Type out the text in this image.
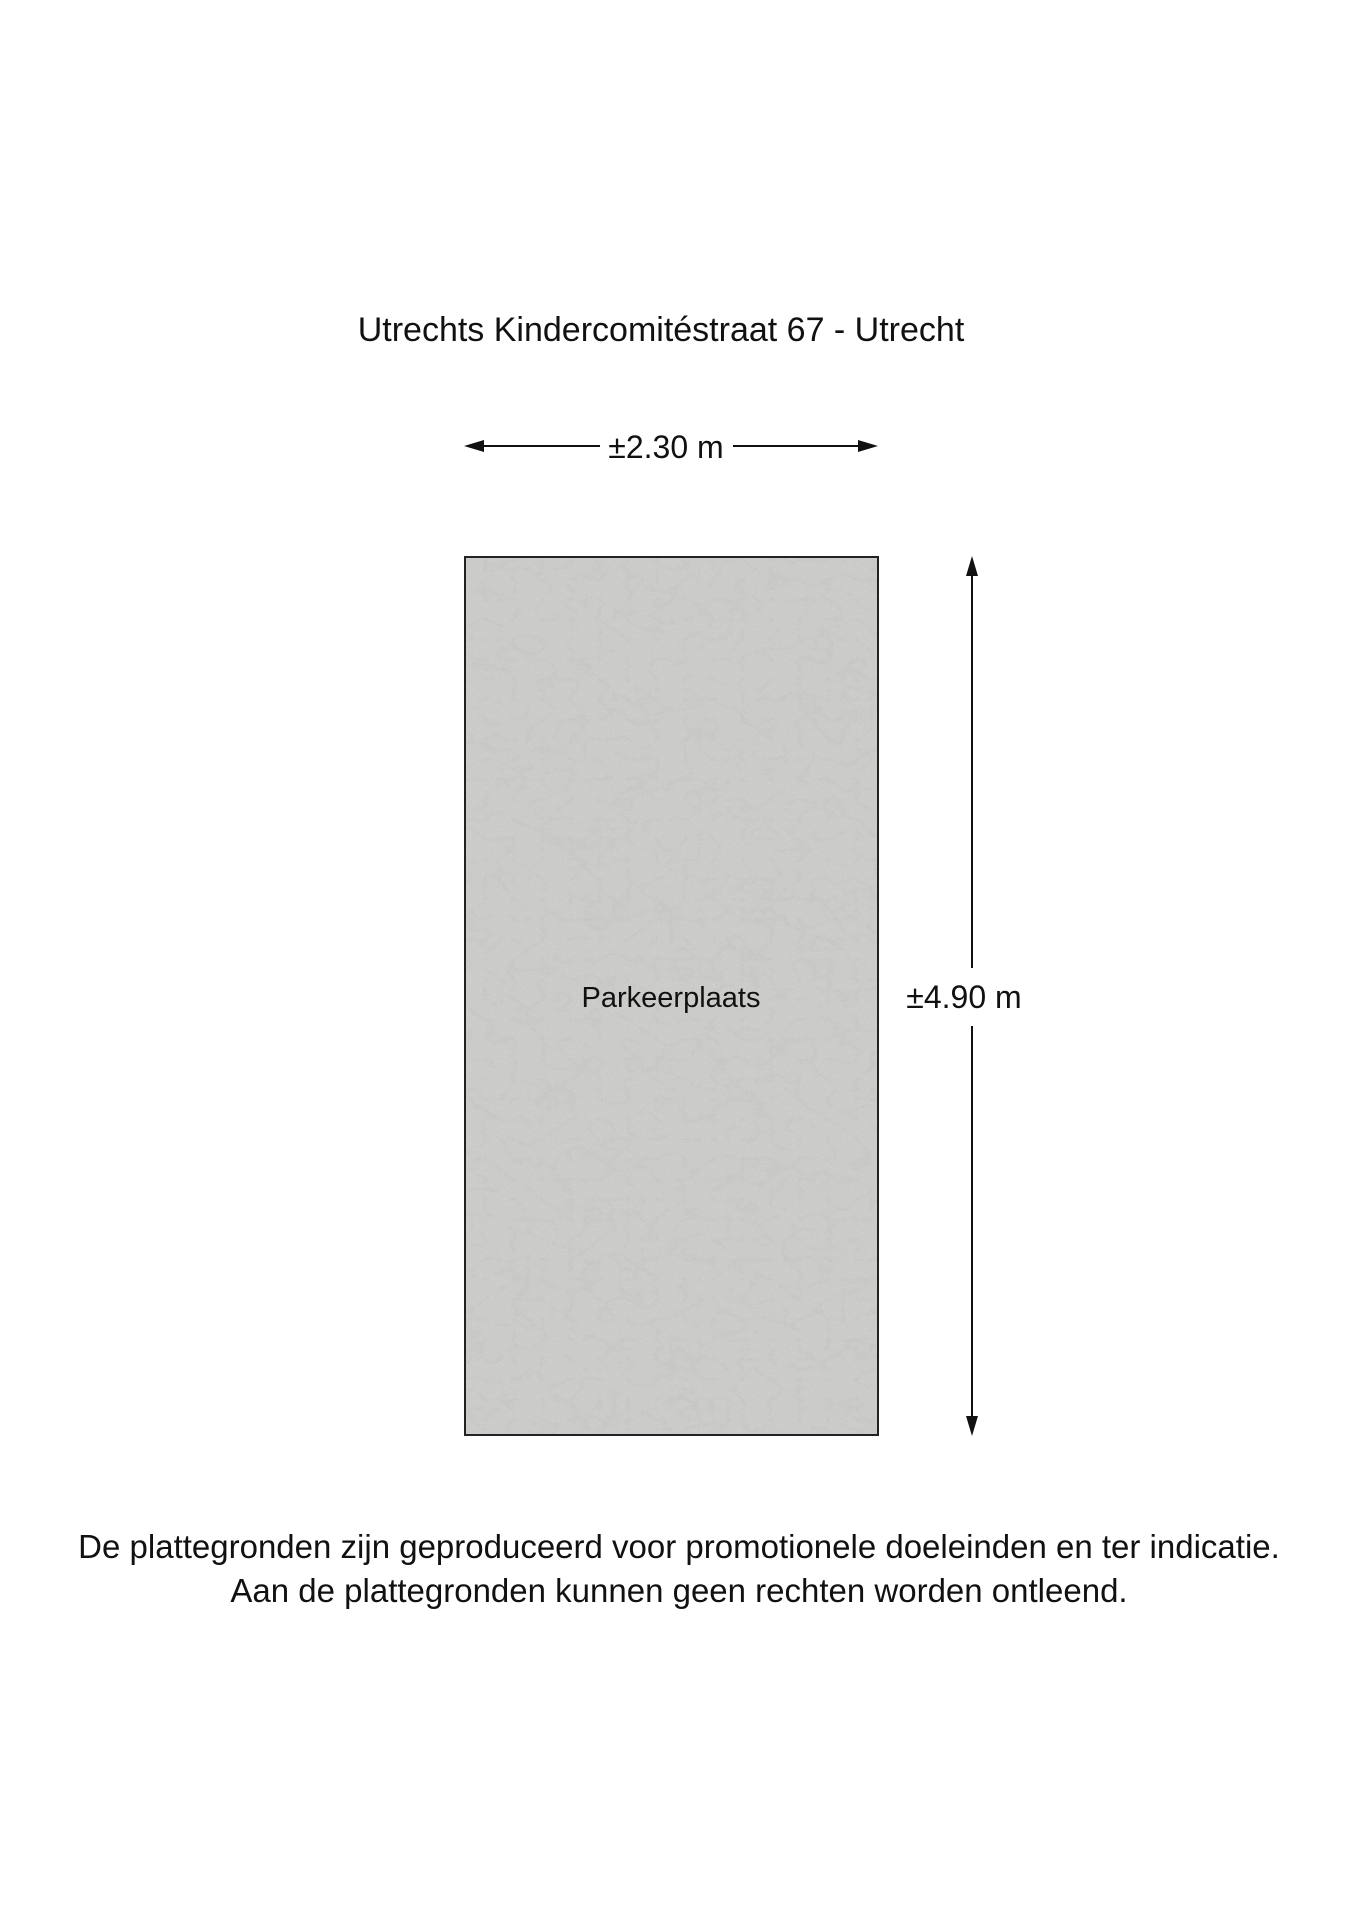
Utrechts Kindercomitéstraat 67 - Utrecht
±2.30 m
Parkeerplaats	±4.90 m
De plattegronden zijn geproduceerd voor promotionele doeleinden en ter indicatie.
Aan de plattegronden kunnen geen rechten worden ontleend.
